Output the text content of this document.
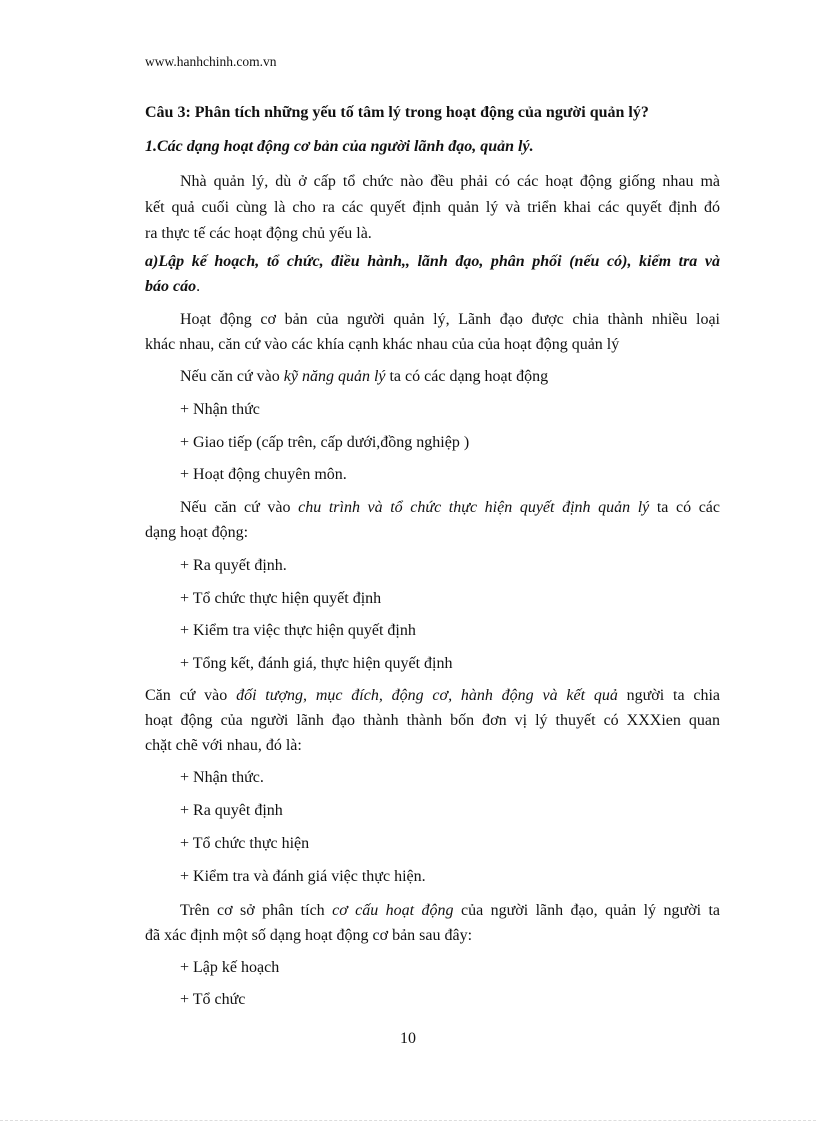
www.hanhchinh.com.vn
Câu 3: Phân tích những yếu tố tâm lý trong hoạt động của người quản lý?
1.Các dạng hoạt động cơ bản của người lãnh đạo, quản lý.
Nhà quản lý, dù ở cấp tổ chức nào đều phải có các hoạt động giống nhau mà
kết quả cuối cùng là cho ra các quyết định quản lý và triển khai các quyết định đó
ra thực tế các hoạt động chủ yếu là.
a)Lập kế hoạch, tổ chức, điều hành,, lãnh đạo, phân phối (nếu có), kiểm tra và
báo cáo.
Hoạt động cơ bản của người quản lý, Lãnh đạo được chia thành nhiều loại
khác nhau, căn cứ vào các khía cạnh khác nhau của của hoạt động quản lý
Nếu căn cứ vào kỹ năng quản lý ta có các dạng hoạt động
+ Nhận thức
+ Giao tiếp (cấp trên, cấp dưới,đồng nghiệp )
+ Hoạt động chuyên môn.
Nếu căn cứ vào chu trình và tổ chức thực hiện quyết định quản lý ta có các
dạng hoạt động:
+ Ra quyết định.
+ Tổ chức thực hiện quyết định
+ Kiểm tra việc thực hiện quyết định
+ Tổng kết, đánh giá, thực hiện quyết định
Căn cứ vào đối tượng, mục đích, động cơ, hành động và kết quả người ta chia
hoạt động của người lãnh đạo thành thành bốn đơn vị lý thuyết có XXXien quan
chặt chẽ với nhau, đó là:
+ Nhận thức.
+ Ra quyêt định
+ Tổ chức thực hiện
+ Kiểm tra và đánh giá việc thực hiện.
Trên cơ sở phân tích cơ cấu hoạt động của người lãnh đạo, quản lý người ta
đã xác định một số dạng hoạt động cơ bản sau đây:
+ Lập kế hoạch
+ Tổ chức
10
